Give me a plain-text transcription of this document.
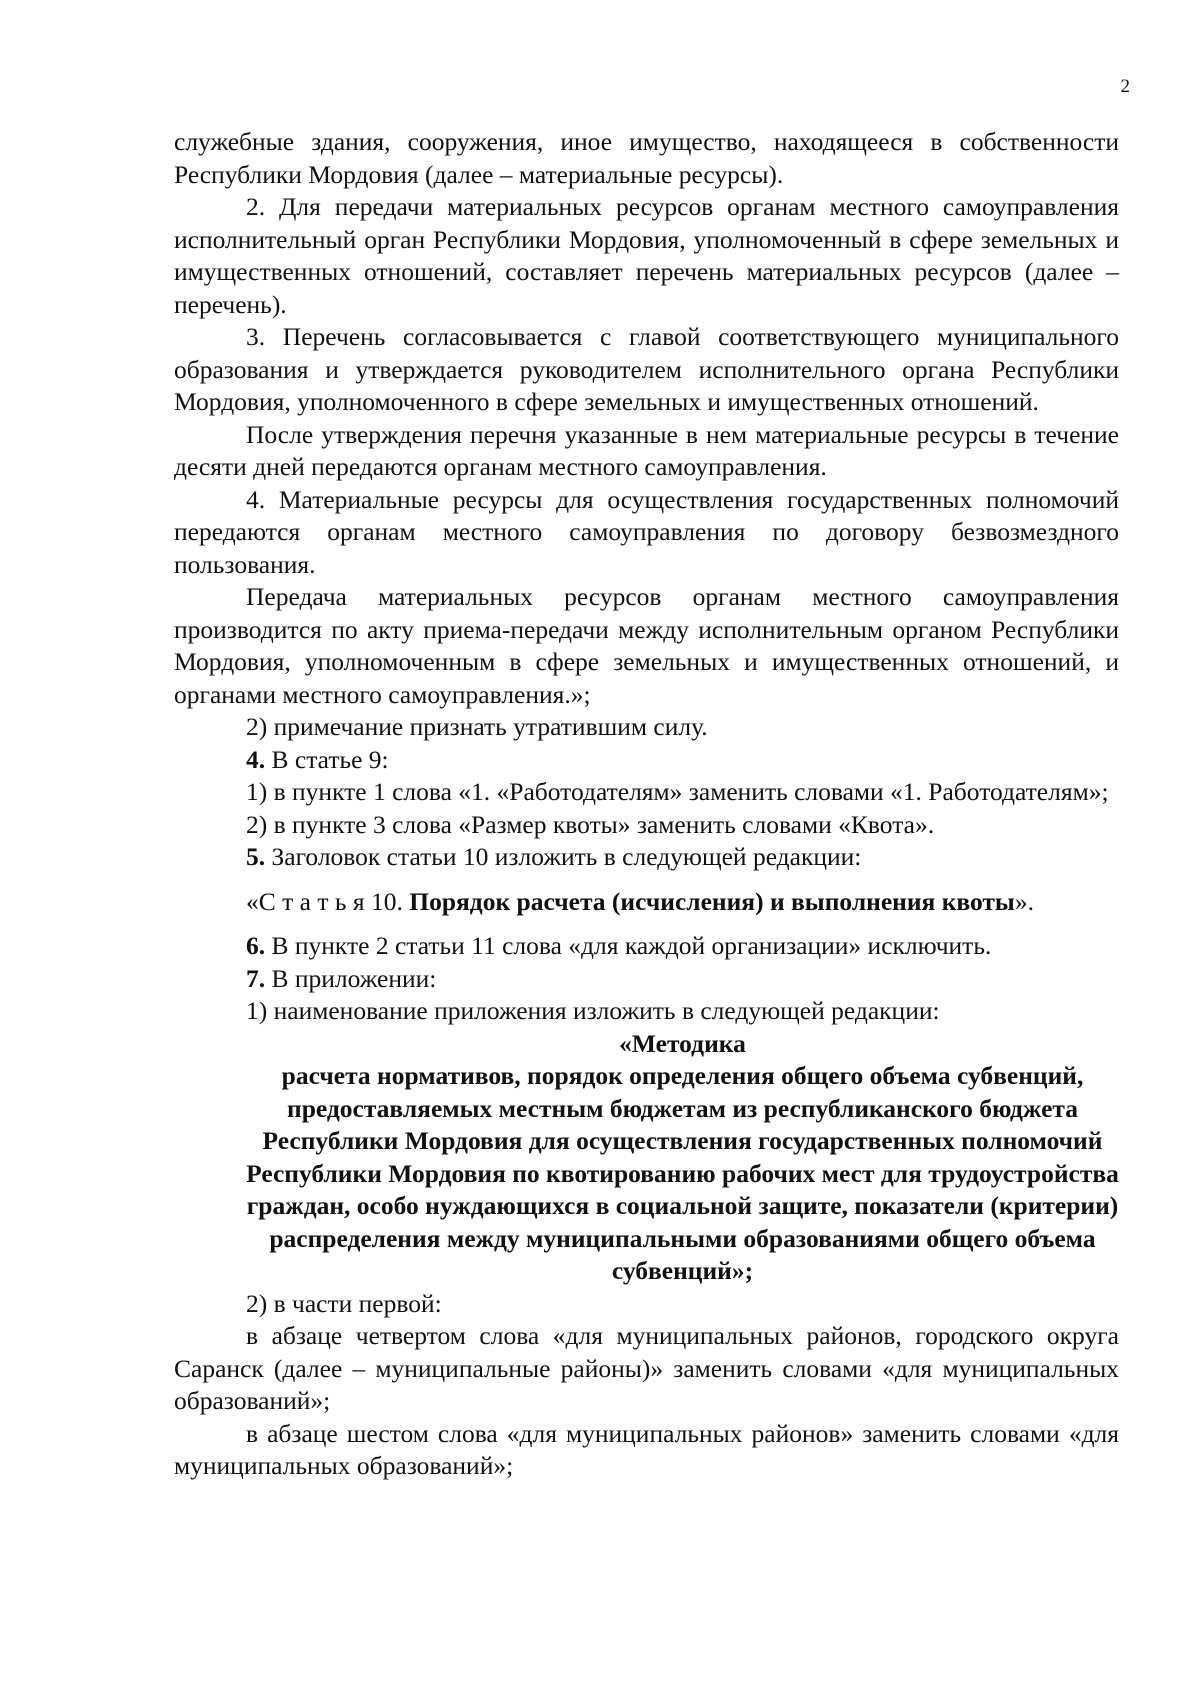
2

служебные здания, сооружения, иное имущество, находящееся в собственности Республики Мордовия (далее – материальные ресурсы).

2. Для передачи материальных ресурсов органам местного самоуправления исполнительный орган Республики Мордовия, уполномоченный в сфере земельных и имущественных отношений, составляет перечень материальных ресурсов (далее – перечень).

3. Перечень согласовывается с главой соответствующего муниципального образования и утверждается руководителем исполнительного органа Республики Мордовия, уполномоченного в сфере земельных и имущественных отношений.

После утверждения перечня указанные в нем материальные ресурсы в течение десяти дней передаются органам местного самоуправления.

4. Материальные ресурсы для осуществления государственных полномочий передаются органам местного самоуправления по договору безвозмездного пользования.

Передача материальных ресурсов органам местного самоуправления производится по акту приема-передачи между исполнительным органом Республики Мордовия, уполномоченным в сфере земельных и имущественных отношений, и органами местного самоуправления.»;

2) примечание признать утратившим силу.

4. В статье 9:

1) в пункте 1 слова «1. «Работодателям» заменить словами «1. Работодателям»;

2) в пункте 3 слова «Размер квоты» заменить словами «Квота».

5. Заголовок статьи 10 изложить в следующей редакции:

«С т а т ь я 10. Порядок расчета (исчисления) и выполнения квоты».

6. В пункте 2 статьи 11 слова «для каждой организации» исключить.

7. В приложении:

1) наименование приложения изложить в следующей редакции:

«Методика

расчета нормативов, порядок определения общего объема субвенций, предоставляемых местным бюджетам из республиканского бюджета Республики Мордовия для осуществления государственных полномочий Республики Мордовия по квотированию рабочих мест для трудоустройства граждан, особо нуждающихся в социальной защите, показатели (критерии) распределения между муниципальными образованиями общего объема субвенций»;

2) в части первой:

в абзаце четвертом слова «для муниципальных районов, городского округа Саранск (далее – муниципальные районы)» заменить словами «для муниципальных образований»;

в абзаце шестом слова «для муниципальных районов» заменить словами «для муниципальных образований»;
